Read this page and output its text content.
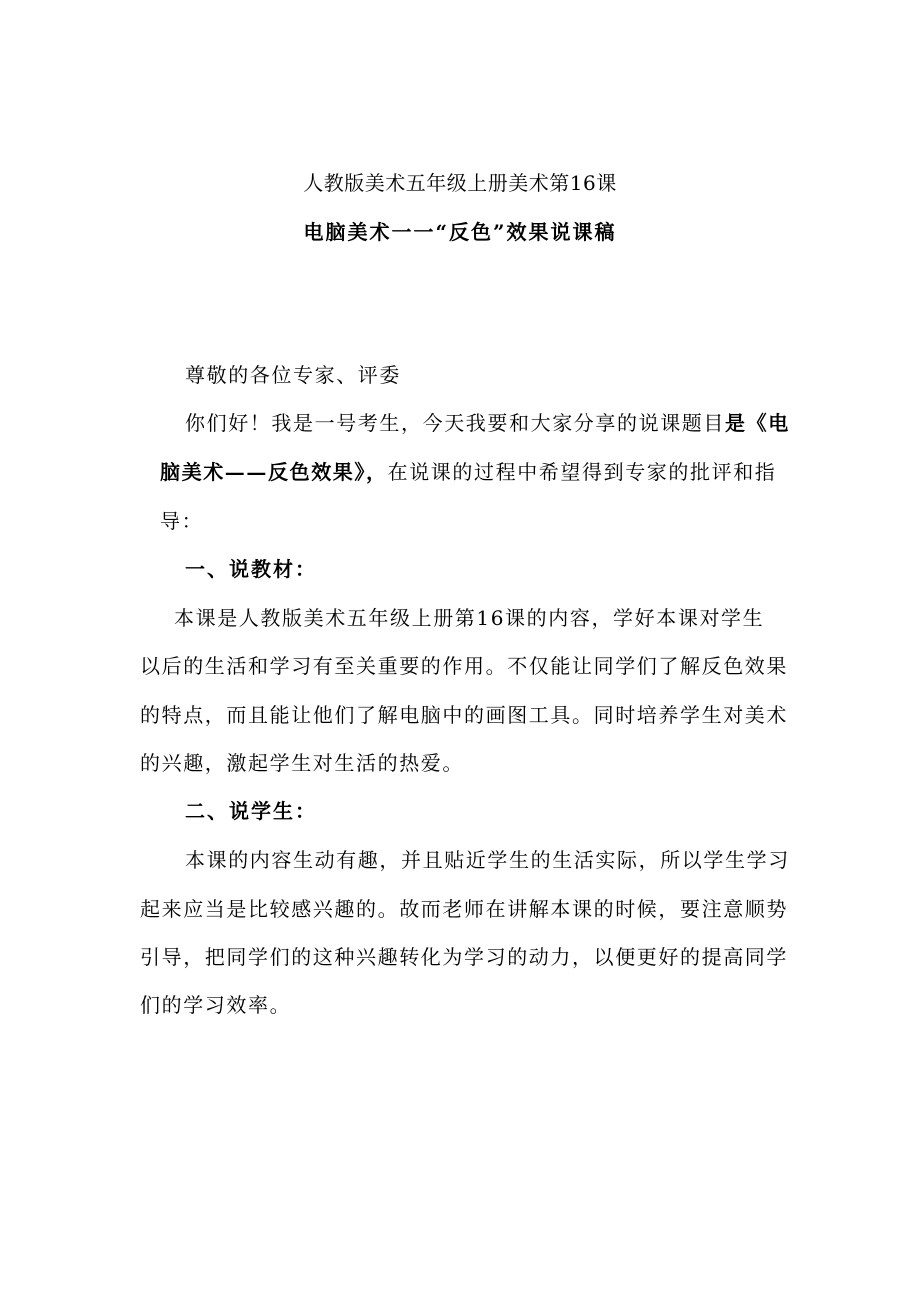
人教版美术五年级上册美术第16课
电脑美术一一“反色”效果说课稿
尊敬的各位专家、评委
你们好！我是一号考生，今天我要和大家分享的说课题目是《电
脑美术——反色效果》，在说课的过程中希望得到专家的批评和指
导：
一、说教材：
本课是人教版美术五年级上册第16课的内容，学好本课对学生
以后的生活和学习有至关重要的作用。不仅能让同学们了解反色效果
的特点，而且能让他们了解电脑中的画图工具。同时培养学生对美术
的兴趣，激起学生对生活的热爱。
二、说学生：
本课的内容生动有趣，并且贴近学生的生活实际，所以学生学习
起来应当是比较感兴趣的。故而老师在讲解本课的时候，要注意顺势
引导，把同学们的这种兴趣转化为学习的动力，以便更好的提高同学
们的学习效率。
